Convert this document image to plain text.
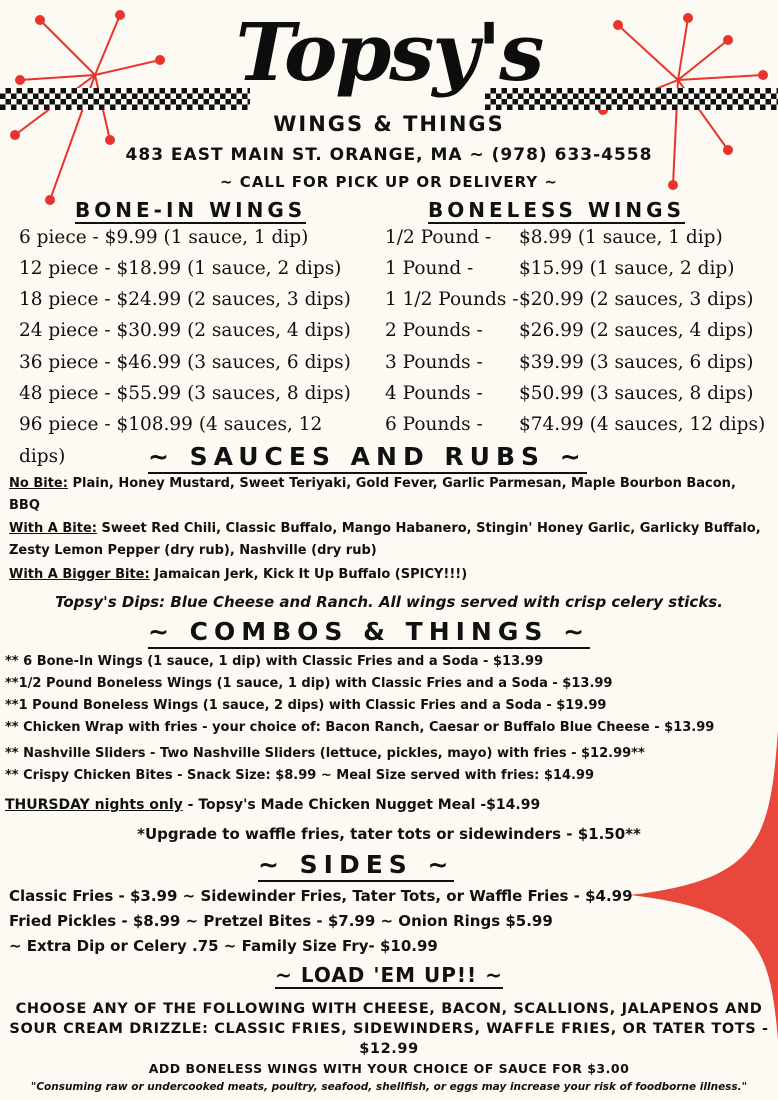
Topsy's
WINGS & THINGS
483 EAST MAIN ST. ORANGE, MA ~ (978) 633-4558
~ CALL FOR PICK UP OR DELIVERY ~
BONE-IN WINGS	BONELESS WINGS
6 piece - $9.99 (1 sauce, 1 dip)
12 piece - $18.99 (1 sauce, 2 dips)
18 piece - $24.99 (2 sauces, 3 dips)
24 piece - $30.99 (2 sauces, 4 dips)
36 piece - $46.99 (3 sauces, 6 dips)
48 piece - $55.99 (3 sauces, 8 dips)
96 piece - $108.99 (4 sauces, 12
dips)
1/2 Pound - $8.99 (1 sauce, 1 dip)
1 Pound - $15.99 (1 sauce, 2 dip)
1 1/2 Pounds - $20.99 (2 sauces, 3 dips)
2 Pounds - $26.99 (2 sauces, 4 dips)
3 Pounds - $39.99 (3 sauces, 6 dips)
4 Pounds - $50.99 (3 sauces, 8 dips)
6 Pounds - $74.99 (4 sauces, 12 dips)
~ SAUCES AND RUBS ~
No Bite: Plain, Honey Mustard, Sweet Teriyaki, Gold Fever, Garlic Parmesan, Maple Bourbon Bacon,
BBQ
With A Bite: Sweet Red Chili, Classic Buffalo, Mango Habanero, Stingin' Honey Garlic, Garlicky Buffalo,
Zesty Lemon Pepper (dry rub), Nashville (dry rub)
With A Bigger Bite: Jamaican Jerk, Kick It Up Buffalo (SPICY!!!)
Topsy's Dips: Blue Cheese and Ranch. All wings served with crisp celery sticks.
~ COMBOS & THINGS ~
** 6 Bone-In Wings (1 sauce, 1 dip) with Classic Fries and a Soda - $13.99
**1/2 Pound Boneless Wings (1 sauce, 1 dip) with Classic Fries and a Soda - $13.99
**1 Pound Boneless Wings (1 sauce, 2 dips) with Classic Fries and a Soda - $19.99
** Chicken Wrap with fries - your choice of: Bacon Ranch, Caesar or Buffalo Blue Cheese - $13.99
** Nashville Sliders - Two Nashville Sliders (lettuce, pickles, mayo) with fries - $12.99**
** Crispy Chicken Bites - Snack Size: $8.99 ~ Meal Size served with fries: $14.99
THURSDAY nights only - Topsy's Made Chicken Nugget Meal -$14.99
*Upgrade to waffle fries, tater tots or sidewinders - $1.50**
~ SIDES ~
Classic Fries - $3.99 ~ Sidewinder Fries, Tater Tots, or Waffle Fries - $4.99
Fried Pickles - $8.99 ~ Pretzel Bites - $7.99 ~ Onion Rings $5.99
~ Extra Dip or Celery .75 ~ Family Size Fry- $10.99
~ LOAD 'EM UP!! ~
CHOOSE ANY OF THE FOLLOWING WITH CHEESE, BACON, SCALLIONS, JALAPENOS AND
SOUR CREAM DRIZZLE: CLASSIC FRIES, SIDEWINDERS, WAFFLE FRIES, OR TATER TOTS -
$12.99
ADD BONELESS WINGS WITH YOUR CHOICE OF SAUCE FOR $3.00
"Consuming raw or undercooked meats, poultry, seafood, shellfish, or eggs may increase your risk of foodborne illness."
